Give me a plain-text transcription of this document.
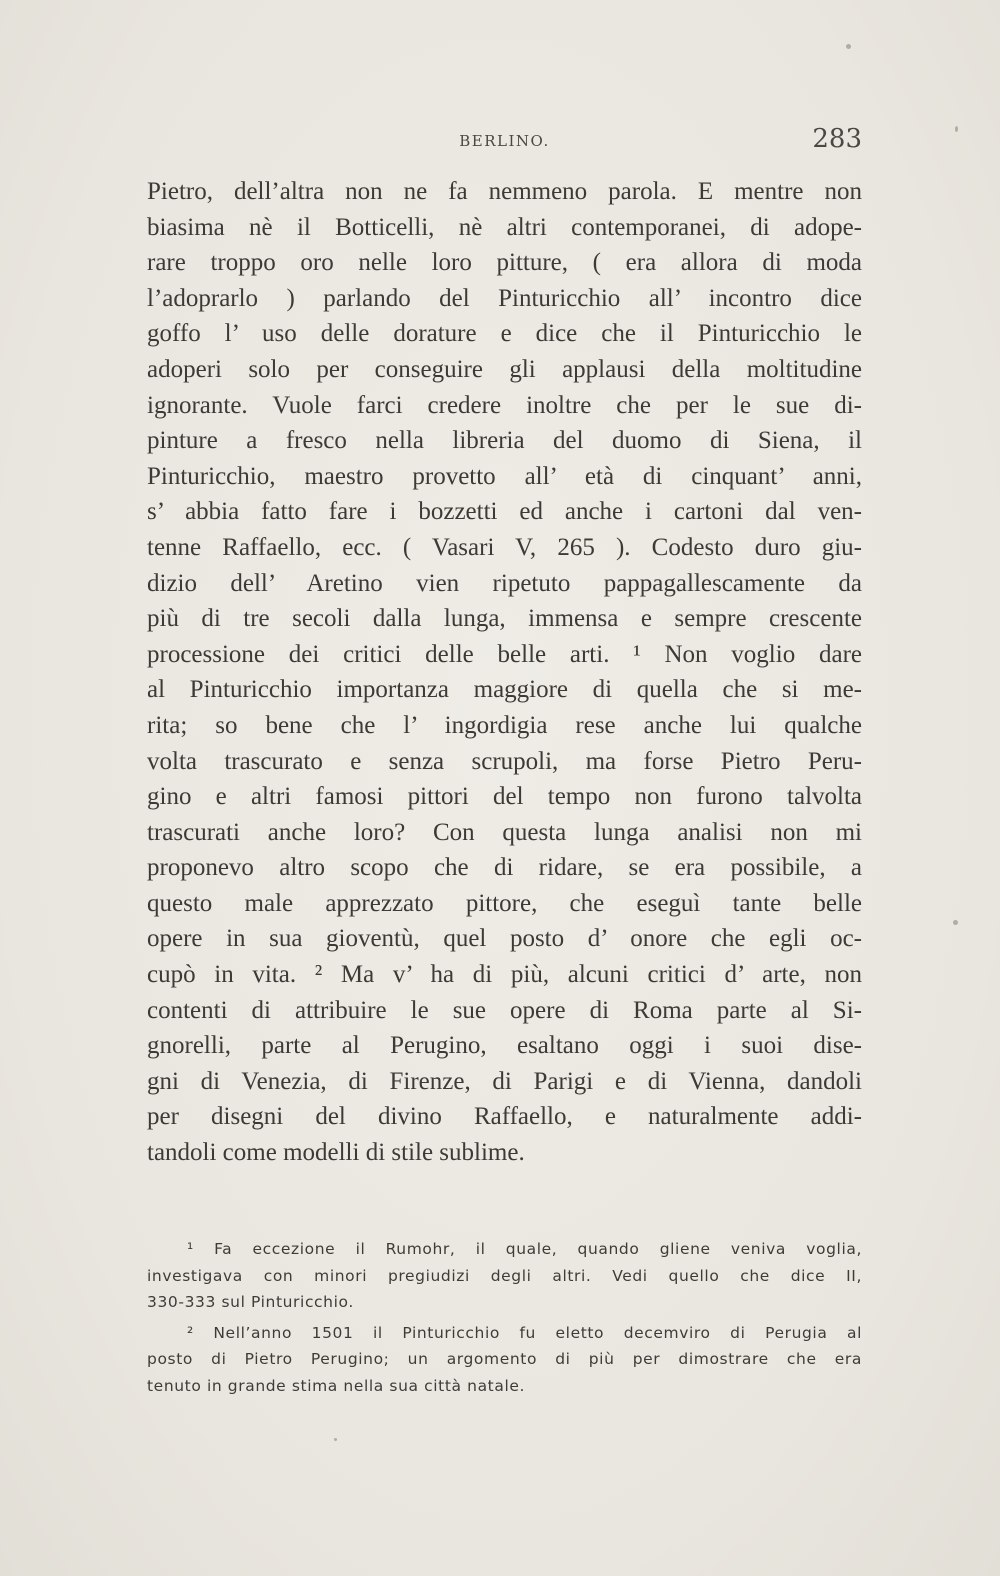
BERLINO.	283
Pietro, dell’altra non ne fa nemmeno parola. E mentre non
biasima nè il Botticelli, nè altri contemporanei, di adope-
rare troppo oro nelle loro pitture, ( era allora di moda
l’adoprarlo ) parlando del Pinturicchio all’ incontro dice
goffo l’ uso delle dorature e dice che il Pinturicchio le
adoperi solo per conseguire gli applausi della moltitudine
ignorante. Vuole farci credere inoltre che per le sue di-
pinture a fresco nella libreria del duomo di Siena, il
Pinturicchio, maestro provetto all’ età di cinquant’ anni,
s’ abbia fatto fare i bozzetti ed anche i cartoni dal ven-
tenne Raffaello, ecc. ( Vasari V, 265 ). Codesto duro giu-
dizio dell’ Aretino vien ripetuto pappagallescamente da
più di tre secoli dalla lunga, immensa e sempre crescente
processione dei critici delle belle arti. ¹ Non voglio dare
al Pinturicchio importanza maggiore di quella che si me-
rita; so bene che l’ ingordigia rese anche lui qualche
volta trascurato e senza scrupoli, ma forse Pietro Peru-
gino e altri famosi pittori del tempo non furono talvolta
trascurati anche loro? Con questa lunga analisi non mi
proponevo altro scopo che di ridare, se era possibile, a
questo male apprezzato pittore, che eseguì tante belle
opere in sua gioventù, quel posto d’ onore che egli oc-
cupò in vita. ² Ma v’ ha di più, alcuni critici d’ arte, non
contenti di attribuire le sue opere di Roma parte al Si-
gnorelli, parte al Perugino, esaltano oggi i suoi dise-
gni di Venezia, di Firenze, di Parigi e di Vienna, dandoli
per disegni del divino Raffaello, e naturalmente addi-
tandoli come modelli di stile sublime.
¹ Fa eccezione il Rumohr, il quale, quando gliene veniva voglia,
investigava con minori pregiudizi degli altri. Vedi quello che dice II,
330-333 sul Pinturicchio.
² Nell’anno 1501 il Pinturicchio fu eletto decemviro di Perugia al
posto di Pietro Perugino; un argomento di più per dimostrare che era
tenuto in grande stima nella sua città natale.
